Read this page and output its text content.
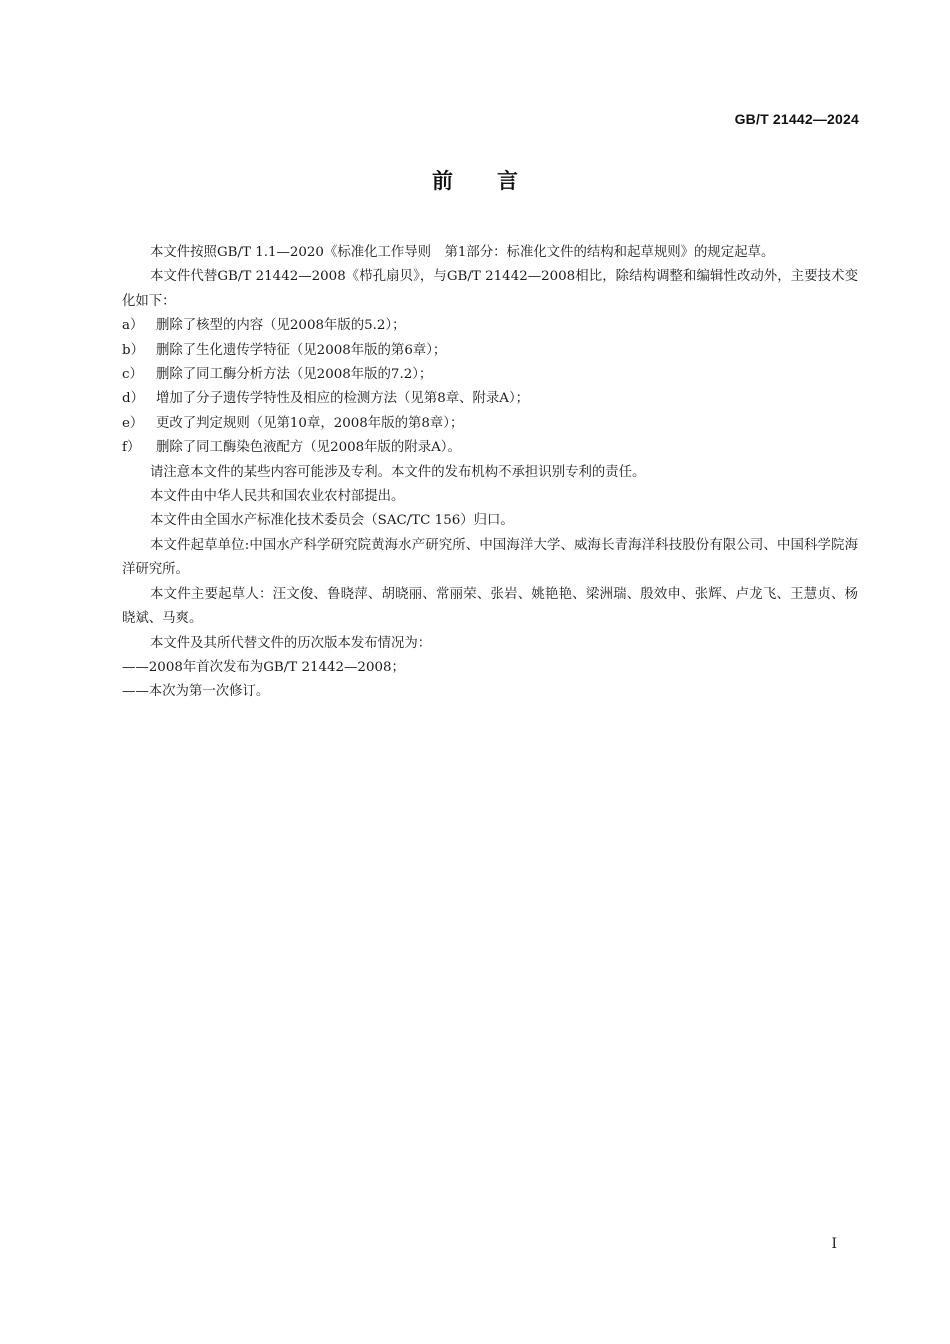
GB/T 21442—2024
前言

本文件按照GB/T 1.1—2020《标准化工作导则　第1部分：标准化文件的结构和起草规则》的规定起草。

本文件代替GB/T 21442—2008《栉孔扇贝》，与GB/T 21442—2008相比，除结构调整和编辑性改动外，主要技术变化如下：

a） 删除了核型的内容（见2008年版的5.2）；

b） 删除了生化遗传学特征（见2008年版的第6章）；

c） 删除了同工酶分析方法（见2008年版的7.2）；

d） 增加了分子遗传学特性及相应的检测方法（见第8章、附录A）；

e） 更改了判定规则（见第10章，2008年版的第8章）；

f） 删除了同工酶染色液配方（见2008年版的附录A）。

请注意本文件的某些内容可能涉及专利。本文件的发布机构不承担识别专利的责任。

本文件由中华人民共和国农业农村部提出。

本文件由全国水产标准化技术委员会（SAC/TC 156）归口。

本文件起草单位:中国水产科学研究院黄海水产研究所、中国海洋大学、威海长青海洋科技股份有限公司、中国科学院海洋研究所。

本文件主要起草人：汪文俊、鲁晓萍、胡晓丽、常丽荣、张岩、姚艳艳、梁洲瑞、殷效申、张辉、卢龙飞、王慧贞、杨晓斌、马爽。

本文件及其所代替文件的历次版本发布情况为：

——2008年首次发布为GB/T 21442—2008；

——本次为第一次修订。

I
